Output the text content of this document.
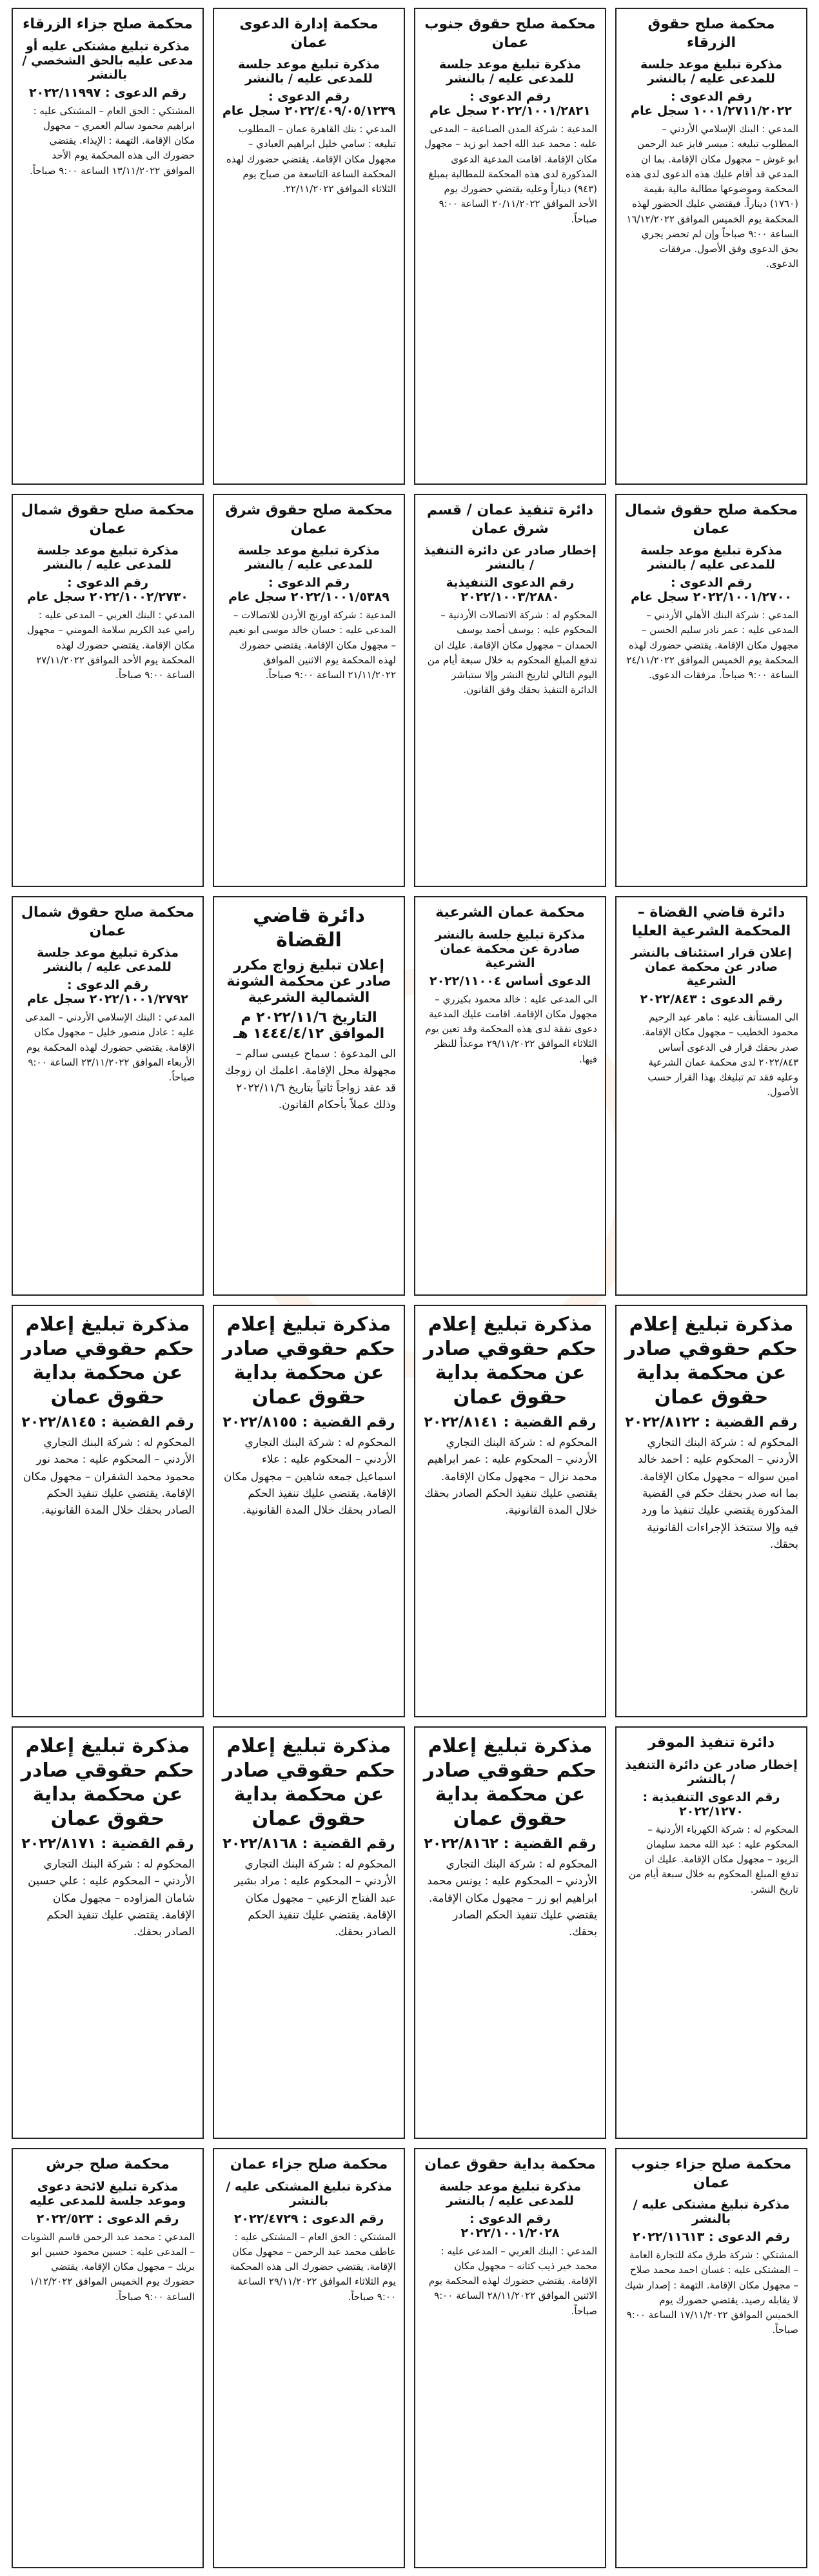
محكمة صلح حقوق الزرقاء
مذكرة تبليغ موعد جلسة للمدعى عليه / بالنشر
رقم الدعوى : ١٠٠١/٢٧١١/٢٠٢٢ سجل عام

المدعي : البنك الإسلامي الأردني – المطلوب تبليغه : ميسر فايز عبد الرحمن ابو غوش – مجهول مكان الإقامة. بما ان المدعي قد أقام عليك هذه الدعوى لدى هذه المحكمة وموضوعها مطالبة مالية بقيمة (١٧٦٠) ديناراً. فيقتضي عليك الحضور لهذه المحكمة يوم الخميس الموافق ١٦/١٢/٢٠٢٢ الساعة ٩:٠٠ صباحاً وإن لم تحضر يجري بحق الدعوى وفق الأصول. مرفقات الدعوى.

محكمة صلح حقوق جنوب عمان
مذكرة تبليغ موعد جلسة للمدعى عليه / بالنشر
رقم الدعوى : ٢٠٢٢/١٠٠١/٢٨٢١ سجل عام

المدعية : شركة المدن الصناعية – المدعى عليه : محمد عبد الله احمد ابو زيد – مجهول مكان الإقامة. اقامت المدعية الدعوى المذكورة لدى هذه المحكمة للمطالبة بمبلغ (٩٤٣) ديناراً وعليه يقتضي حضورك يوم الأحد الموافق ٢٠/١١/٢٠٢٢ الساعة ٩:٠٠ صباحاً.

محكمة إدارة الدعوى عمان
مذكرة تبليغ موعد جلسة للمدعى عليه / بالنشر
رقم الدعوى : ٢٠٢٢/٤٠٩/٠٥/١٢٣٩ سجل عام

المدعي : بنك القاهرة عمان – المطلوب تبليغه : سامي خليل ابراهيم العبادي – مجهول مكان الإقامة. يقتضي حضورك لهذه المحكمة الساعة التاسعة من صباح يوم الثلاثاء الموافق ٢٢/١١/٢٠٢٢.

محكمة صلح جزاء الزرقاء
مذكرة تبليغ مشتكى عليه أو مدعى عليه بالحق الشخصي / بالنشر
رقم الدعوى : ٢٠٢٢/١١٩٩٧

المشتكي : الحق العام – المشتكى عليه : ابراهيم محمود سالم العمري – مجهول مكان الإقامة. التهمة : الإيذاء. يقتضي حضورك الى هذه المحكمة يوم الأحد الموافق ١٣/١١/٢٠٢٢ الساعة ٩:٠٠ صباحاً.

محكمة صلح حقوق شمال عمان
مذكرة تبليغ موعد جلسة للمدعى عليه / بالنشر
رقم الدعوى : ٢٠٢٢/١٠٠١/٢٧٠٠ سجل عام

المدعي : شركة البنك الأهلي الأردني – المدعى عليه : عمر نادر سليم الحسن – مجهول مكان الإقامة. يقتضي حضورك لهذه المحكمة يوم الخميس الموافق ٢٤/١١/٢٠٢٢ الساعة ٩:٠٠ صباحاً. مرفقات الدعوى.

دائرة تنفيذ عمان / قسم شرق عمان
إخطار صادر عن دائرة التنفيذ / بالنشر
رقم الدعوى التنفيذية ٢٠٢٢/١٠٠٣/٢٨٨٠

المحكوم له : شركة الاتصالات الأردنية – المحكوم عليه : يوسف أحمد يوسف الحمدان – مجهول مكان الإقامة. عليك ان تدفع المبلغ المحكوم به خلال سبعة أيام من اليوم التالي لتاريخ النشر وإلا ستباشر الدائرة التنفيذ بحقك وفق القانون.

محكمة صلح حقوق شرق عمان
مذكرة تبليغ موعد جلسة للمدعى عليه / بالنشر
رقم الدعوى : ٢٠٢٢/١٠٠١/٥٣٨٩ سجل عام

المدعية : شركة اورنج الأردن للاتصالات – المدعى عليه : حسان خالد موسى ابو نعيم – مجهول مكان الإقامة. يقتضي حضورك لهذه المحكمة يوم الاثنين الموافق ٢١/١١/٢٠٢٢ الساعة ٩:٠٠ صباحاً.

محكمة صلح حقوق شمال عمان
مذكرة تبليغ موعد جلسة للمدعى عليه / بالنشر
رقم الدعوى : ٢٠٢٢/١٠٠٢/٢٧٣٠ سجل عام

المدعي : البنك العربي – المدعى عليه : رامي عبد الكريم سلامة المومني – مجهول مكان الإقامة. يقتضي حضورك لهذه المحكمة يوم الأحد الموافق ٢٧/١١/٢٠٢٢ الساعة ٩:٠٠ صباحاً.

دائرة قاضي القضاة – المحكمة الشرعية العليا
إعلان قرار استئناف بالنشر صادر عن محكمة عمان الشرعية
رقم الدعوى : ٢٠٢٢/٨٤٣

الى المستأنف عليه : ماهر عبد الرحيم محمود الخطيب – مجهول مكان الإقامة. صدر بحقك قرار في الدعوى أساس ٢٠٢٢/٨٤٣ لدى محكمة عمان الشرعية وعليه فقد تم تبليغك بهذا القرار حسب الأصول.

محكمة عمان الشرعية
مذكرة تبليغ جلسة بالنشر صادرة عن محكمة عمان الشرعية
الدعوى أساس ٢٠٢٢/١١٠٠٤

الى المدعى عليه : خالد محمود بكيزري – مجهول مكان الإقامة. اقامت عليك المدعية دعوى نفقة لدى هذه المحكمة وقد تعين يوم الثلاثاء الموافق ٢٩/١١/٢٠٢٢ موعداً للنظر فيها.

دائرة قاضي القضاة
إعلان تبليغ زواج مكرر صادر عن محكمة الشونة الشمالية الشرعية
التاريخ ٢٠٢٢/١١/٦ م الموافق ١٤٤٤/٤/١٢ هـ

الى المدعوة : سماح عيسى سالم – مجهولة محل الإقامة. اعلمك ان زوجك قد عقد زواجاً ثانياً بتاريخ ٢٠٢٢/١١/٦ وذلك عملاً بأحكام القانون.

محكمة صلح حقوق شمال عمان
مذكرة تبليغ موعد جلسة للمدعى عليه / بالنشر
رقم الدعوى : ٢٠٢٢/١٠٠١/٢٧٩٢ سجل عام

المدعي : البنك الإسلامي الأردني – المدعى عليه : عادل منصور خليل – مجهول مكان الإقامة. يقتضي حضورك لهذه المحكمة يوم الأربعاء الموافق ٢٣/١١/٢٠٢٢ الساعة ٩:٠٠ صباحاً.

مذكرة تبليغ إعلام حكم حقوقي صادر عن محكمة بداية حقوق عمان
رقم القضية : ٢٠٢٢/٨١٢٢

المحكوم له : شركة البنك التجاري الأردني – المحكوم عليه : احمد خالد امين سواله – مجهول مكان الإقامة. بما انه صدر بحقك حكم في القضية المذكورة يقتضي عليك تنفيذ ما ورد فيه وإلا ستتخذ الإجراءات القانونية بحقك.

مذكرة تبليغ إعلام حكم حقوقي صادر عن محكمة بداية حقوق عمان
رقم القضية : ٢٠٢٢/٨١٤١

المحكوم له : شركة البنك التجاري الأردني – المحكوم عليه : عمر ابراهيم محمد نزال – مجهول مكان الإقامة. يقتضي عليك تنفيذ الحكم الصادر بحقك خلال المدة القانونية.

مذكرة تبليغ إعلام حكم حقوقي صادر عن محكمة بداية حقوق عمان
رقم القضية : ٢٠٢٢/٨١٥٥

المحكوم له : شركة البنك التجاري الأردني – المحكوم عليه : علاء اسماعيل جمعه شاهين – مجهول مكان الإقامة. يقتضي عليك تنفيذ الحكم الصادر بحقك خلال المدة القانونية.

مذكرة تبليغ إعلام حكم حقوقي صادر عن محكمة بداية حقوق عمان
رقم القضية : ٢٠٢٢/٨١٤٥

المحكوم له : شركة البنك التجاري الأردني – المحكوم عليه : محمد نور محمود محمد الشقران – مجهول مكان الإقامة. يقتضي عليك تنفيذ الحكم الصادر بحقك خلال المدة القانونية.

دائرة تنفيذ الموقر
إخطار صادر عن دائرة التنفيذ / بالنشر
رقم الدعوى التنفيذية : ٢٠٢٢/١٢٧٠

المحكوم له : شركة الكهرباء الأردنية – المحكوم عليه : عبد الله محمد سليمان الزيود – مجهول مكان الإقامة. عليك ان تدفع المبلغ المحكوم به خلال سبعة أيام من تاريخ النشر.

مذكرة تبليغ إعلام حكم حقوقي صادر عن محكمة بداية حقوق عمان
رقم القضية : ٢٠٢٢/٨١٦٢

المحكوم له : شركة البنك التجاري الأردني – المحكوم عليه : يونس محمد ابراهيم ابو زر – مجهول مكان الإقامة. يقتضي عليك تنفيذ الحكم الصادر بحقك.

مذكرة تبليغ إعلام حكم حقوقي صادر عن محكمة بداية حقوق عمان
رقم القضية : ٢٠٢٢/٨١٦٨

المحكوم له : شركة البنك التجاري الأردني – المحكوم عليه : مراد بشير عبد الفتاح الزعبي – مجهول مكان الإقامة. يقتضي عليك تنفيذ الحكم الصادر بحقك.

مذكرة تبليغ إعلام حكم حقوقي صادر عن محكمة بداية حقوق عمان
رقم القضية : ٢٠٢٢/٨١٧١

المحكوم له : شركة البنك التجاري الأردني – المحكوم عليه : علي حسين شامان المزاوده – مجهول مكان الإقامة. يقتضي عليك تنفيذ الحكم الصادر بحقك.

محكمة صلح جزاء جنوب عمان
مذكرة تبليغ مشتكى عليه / بالنشر
رقم الدعوى : ٢٠٢٢/١١٦١٣

المشتكي : شركة طرق مكة للتجارة العامة – المشتكى عليه : غسان احمد محمد صلاح – مجهول مكان الإقامة. التهمة : إصدار شيك لا يقابله رصيد. يقتضي حضورك يوم الخميس الموافق ١٧/١١/٢٠٢٢ الساعة ٩:٠٠ صباحاً.

محكمة بداية حقوق عمان
مذكرة تبليغ موعد جلسة للمدعى عليه / بالنشر
رقم الدعوى : ٢٠٢٢/١٠٠١/٢٠٢٨

المدعي : البنك العربي – المدعى عليه : محمد خير ذيب كتانه – مجهول مكان الإقامة. يقتضي حضورك لهذه المحكمة يوم الاثنين الموافق ٢٨/١١/٢٠٢٢ الساعة ٩:٠٠ صباحاً.

محكمة صلح جزاء عمان
مذكرة تبليغ المشتكى عليه / بالنشر
رقم الدعوى : ٢٠٢٢/٤٧٢٩

المشتكي : الحق العام – المشتكى عليه : عاطف محمد عبد الرحمن – مجهول مكان الإقامة. يقتضي حضورك الى هذه المحكمة يوم الثلاثاء الموافق ٢٩/١١/٢٠٢٢ الساعة ٩:٠٠ صباحاً.

محكمة صلح جرش
مذكرة تبليغ لائحة دعوى وموعد جلسة للمدعى عليه
رقم الدعوى : ٢٠٢٢/٥٢٣

المدعي : محمد عبد الرحمن قاسم الشويات – المدعى عليه : حسين محمود حسين ابو بريك – مجهول مكان الإقامة. يقتضي حضورك يوم الخميس الموافق ١/١٢/٢٠٢٢ الساعة ٩:٠٠ صباحاً.
